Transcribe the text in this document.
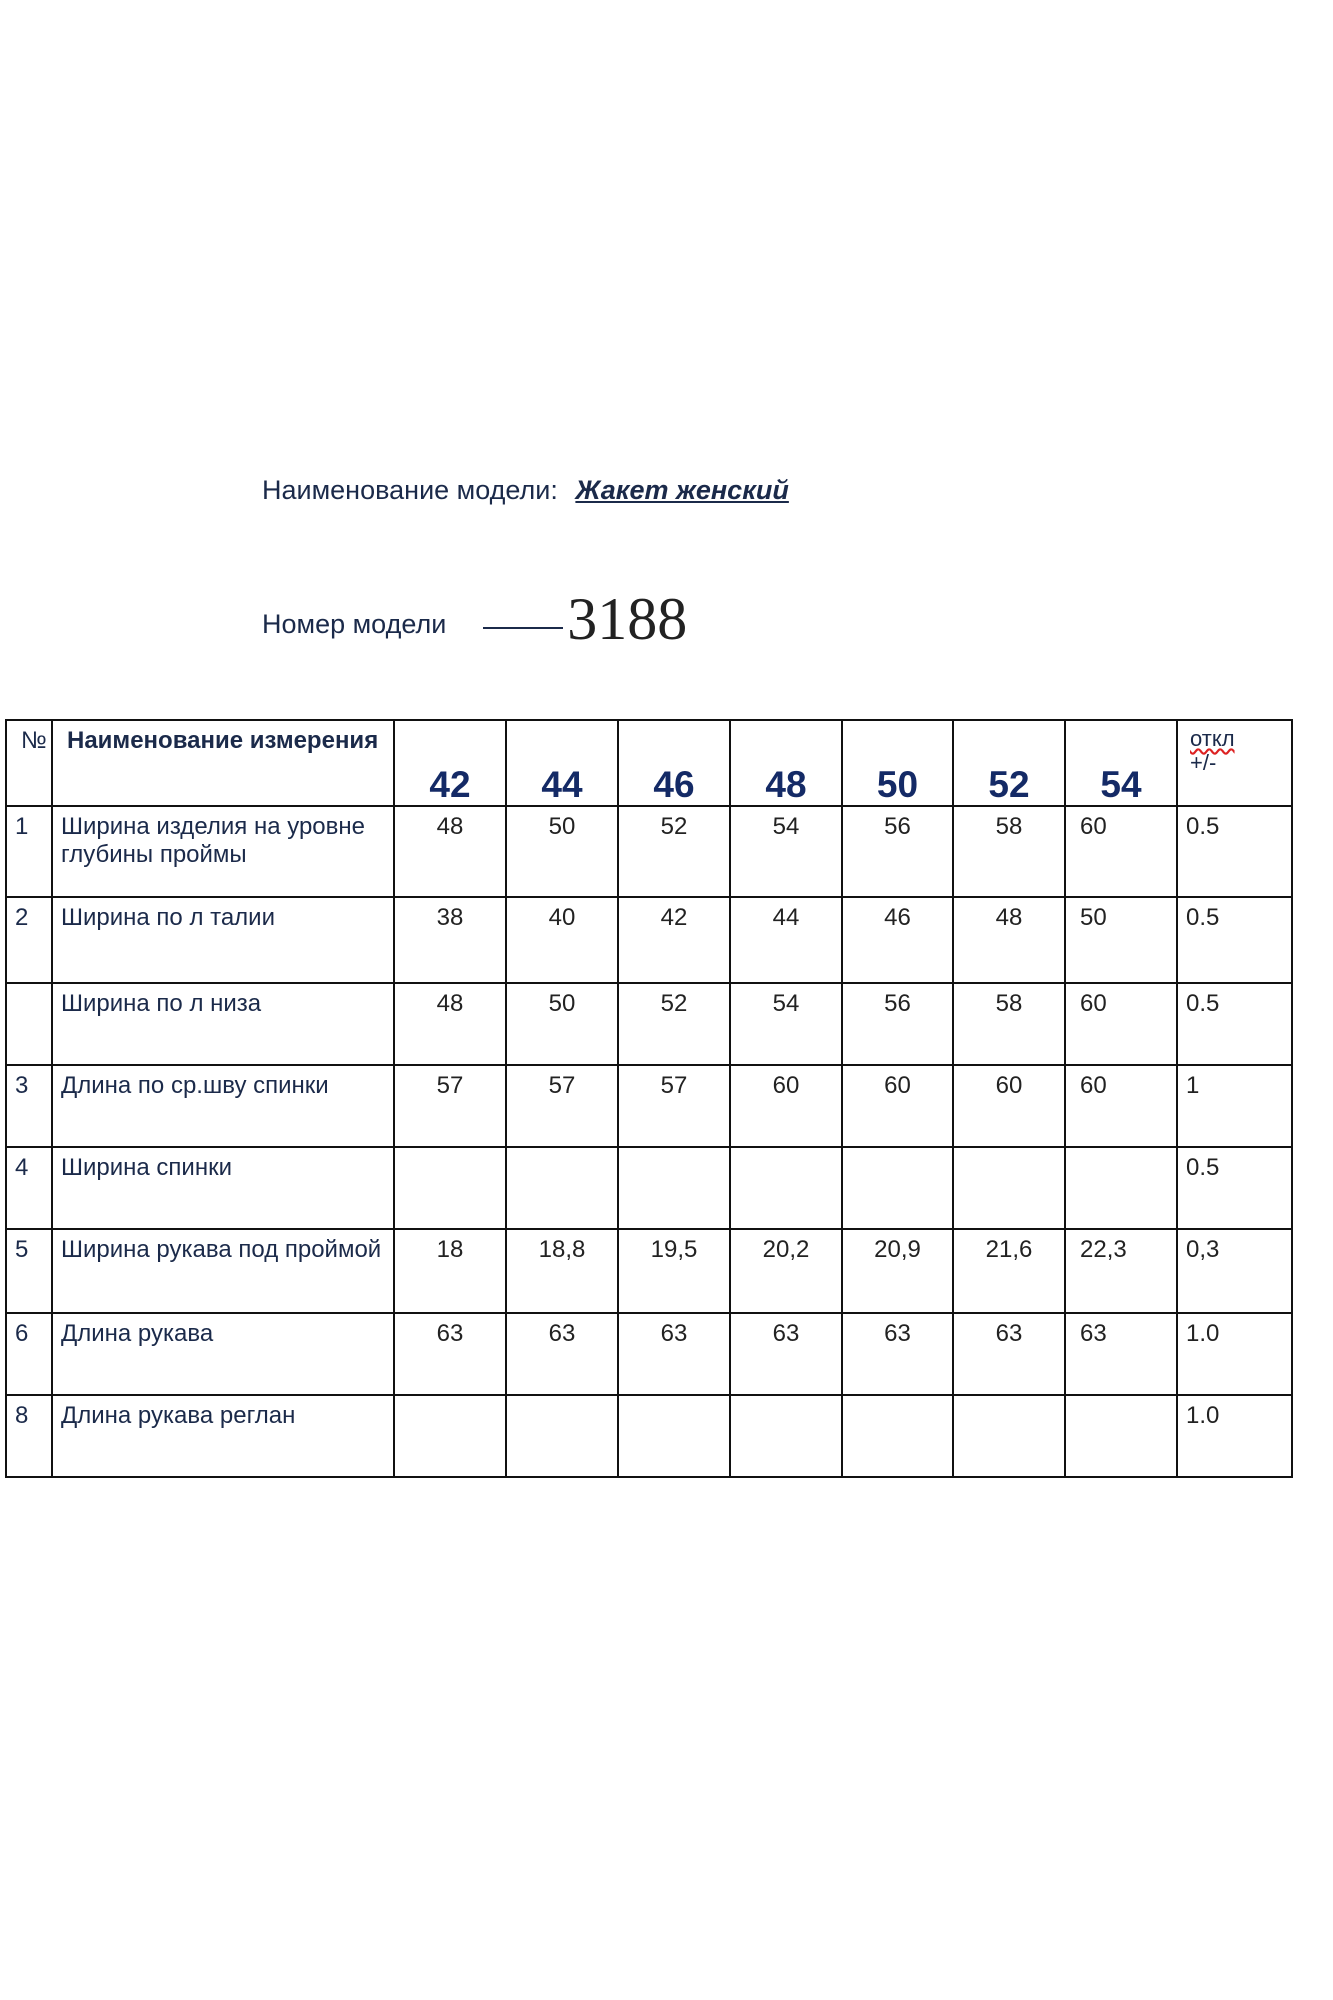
Наименование модели: Жакет женский
Номер модели 3188
№	Наименование измерения	42	44	46	48	50	52	54	откл
+/-

1	Ширина изделия на уровне глубины проймы	48	50	52	54	56	58	60	0.5
2	Ширина по л талии	38	40	42	44	46	48	50	0.5
	Ширина по л низа	48	50	52	54	56	58	60	0.5
3	Длина по ср.шву спинки	57	57	57	60	60	60	60	1
4	Ширина спинки								0.5
5	Ширина рукава под проймой	18	18,8	19,5	20,2	20,9	21,6	22,3	0,3
6	Длина рукава	63	63	63	63	63	63	63	1.0
8	Длина рукава реглан								1.0
